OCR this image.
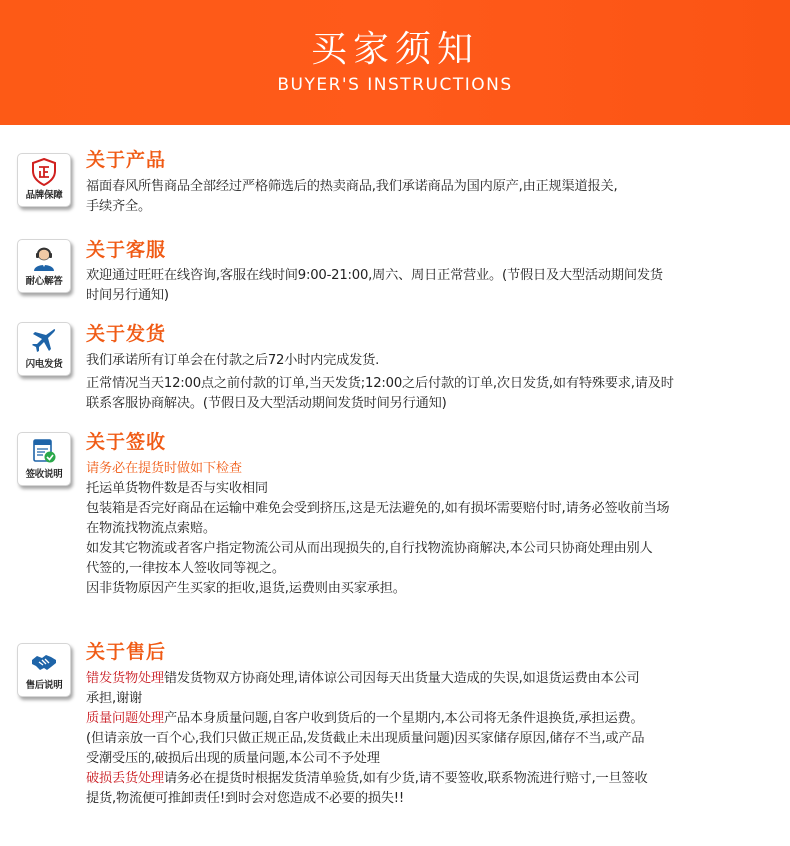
买家须知
BUYER'S INSTRUCTIONS
品牌保障
关于产品

福面春风所售商品全部经过严格筛选后的热卖商品,我们承诺商品为国内原产,由正规渠道报关,

手续齐全。

耐心解答
关于客服

欢迎通过旺旺在线咨询,客服在线时间9:00-21:00,周六、周日正常营业。(节假日及大型活动期间发货

时间另行通知)

闪电发货
关于发货

我们承诺所有订单会在付款之后72小时内完成发货.

正常情况当天12:00点之前付款的订单,当天发货;12:00之后付款的订单,次日发货,如有特殊要求,请及时

联系客服协商解决。(节假日及大型活动期间发货时间另行通知)

签收说明
关于签收

请务必在提货时做如下检查

托运单货物件数是否与实收相同

包装箱是否完好商品在运输中难免会受到挤压,这是无法避免的,如有损坏需要赔付时,请务必签收前当场

在物流找物流点索赔。

如发其它物流或者客户指定物流公司从而出现损失的,自行找物流协商解决,本公司只协商处理由别人

代签的,一律按本人签收同等视之。

因非货物原因产生买家的拒收,退货,运费则由买家承担。

售后说明
关于售后

错发货物处理错发货物双方协商处理,请体谅公司因每天出货量大造成的失误,如退货运费由本公司

承担,谢谢

质量问题处理产品本身质量问题,自客户收到货后的一个星期内,本公司将无条件退换货,承担运费。

(但请亲放一百个心,我们只做正规正品,发货截止未出现质量问题)因买家储存原因,储存不当,或产品

受潮受压的,破损后出现的质量问题,本公司不予处理

破损丢货处理请务必在提货时根据发货清单验货,如有少货,请不要签收,联系物流进行赔寸,一旦签收

提货,物流便可推卸责任!到时会对您造成不必要的损失!!
